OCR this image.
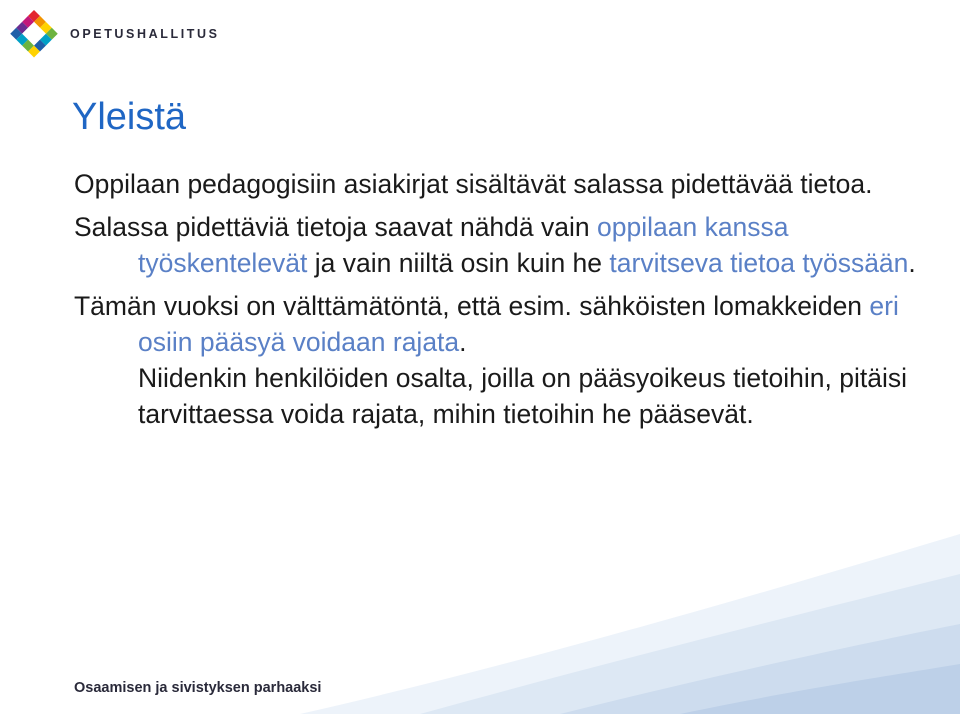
OPETUSHALLITUS
Yleistä

Oppilaan pedagogisiin asiakirjat sisältävät salassa pidettävää tietoa.

Salassa pidettäviä tietoja saavat nähdä vain oppilaan kanssa työskentelevät ja vain niiltä osin kuin he tarvitseva tietoa työssään.

Tämän vuoksi on välttämätöntä, että esim. sähköisten lomakkeiden eri osiin pääsyä voidaan rajata.

Niidenkin henkilöiden osalta, joilla on pääsyoikeus tietoihin, pitäisi tarvittaessa voida rajata, mihin tietoihin he pääsevät.

Osaamisen ja sivistyksen parhaaksi
